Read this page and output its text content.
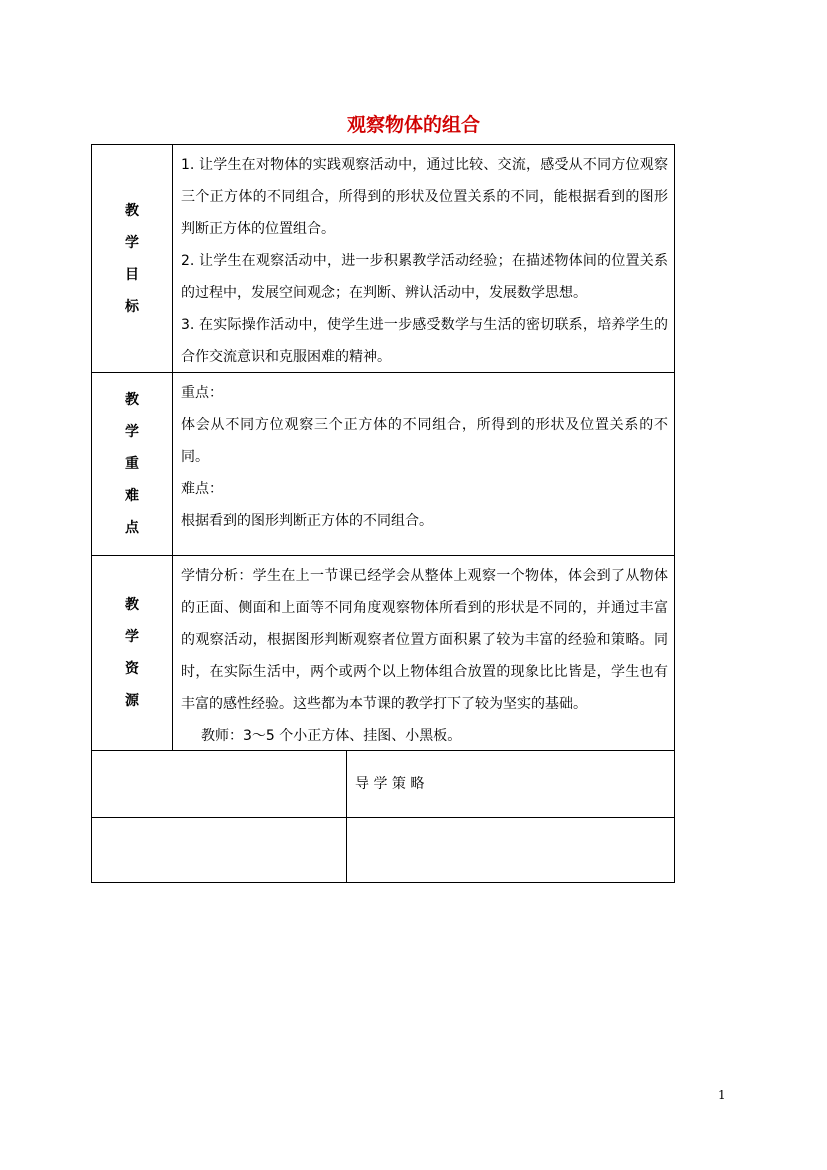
观察物体的组合
教
学
目
标

1. 让学生在对物体的实践观察活动中，通过比较、交流，感受从不同方位观察三个正方体的不同组合，所得到的形状及位置关系的不同，能根据看到的图形判断正方体的位置组合。

2. 让学生在观察活动中，进一步积累教学活动经验；在描述物体间的位置关系的过程中，发展空间观念；在判断、辨认活动中，发展数学思想。

3. 在实际操作活动中，使学生进一步感受数学与生活的密切联系，培养学生的合作交流意识和克服困难的精神。

教
学
重
难
点

重点：

体会从不同方位观察三个正方体的不同组合，所得到的形状及位置关系的不同。

难点：

根据看到的图形判断正方体的不同组合。

教
学
资
源

学情分析：学生在上一节课已经学会从整体上观察一个物体，体会到了从物体的正面、侧面和上面等不同角度观察物体所看到的形状是不同的，并通过丰富的观察活动，根据图形判断观察者位置方面积累了较为丰富的经验和策略。同时，在实际生活中，两个或两个以上物体组合放置的现象比比皆是，学生也有丰富的感性经验。这些都为本节课的教学打下了较为坚实的基础。

教师：3～5 个小正方体、挂图、小黑板。

导 学 策 略
1
